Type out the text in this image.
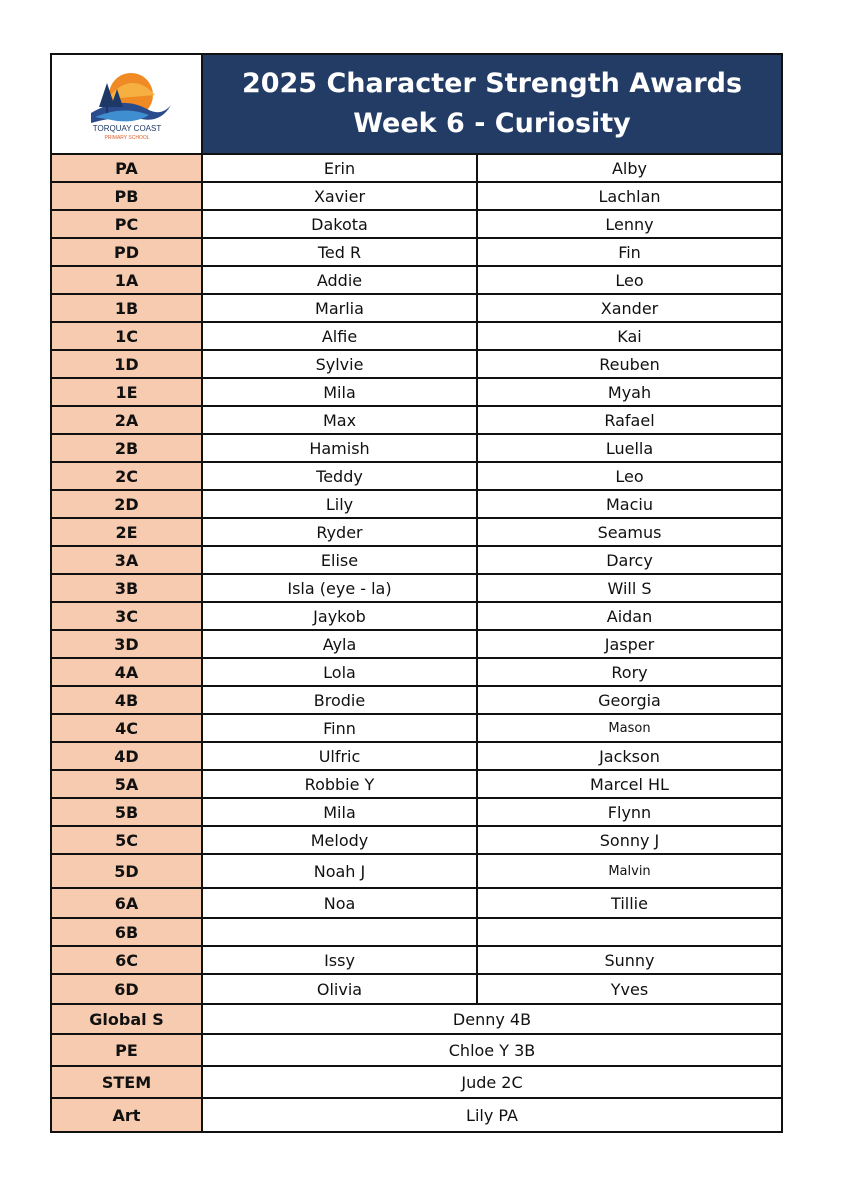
TORQUAY COAST
PRIMARY SCHOOL
2025 Character Strength Awards
Week 6 - Curiosity
PA	Erin	Alby
PB	Xavier	Lachlan
PC	Dakota	Lenny
PD	Ted R	Fin
1A	Addie	Leo
1B	Marlia	Xander
1C	Alfie	Kai
1D	Sylvie	Reuben
1E	Mila	Myah
2A	Max	Rafael
2B	Hamish	Luella
2C	Teddy	Leo
2D	Lily	Maciu
2E	Ryder	Seamus
3A	Elise	Darcy
3B	Isla (eye - la)	Will S
3C	Jaykob	Aidan
3D	Ayla	Jasper
4A	Lola	Rory
4B	Brodie	Georgia
4C	Finn	Mason
4D	Ulfric	Jackson
5A	Robbie Y	Marcel HL
5B	Mila	Flynn
5C	Melody	Sonny J
5D	Noah J	Malvin
6A	Noa	Tillie
6B
6C	Issy	Sunny
6D	Olivia	Yves
Global S	Denny 4B
PE	Chloe Y 3B
STEM	Jude 2C
Art	Lily PA
